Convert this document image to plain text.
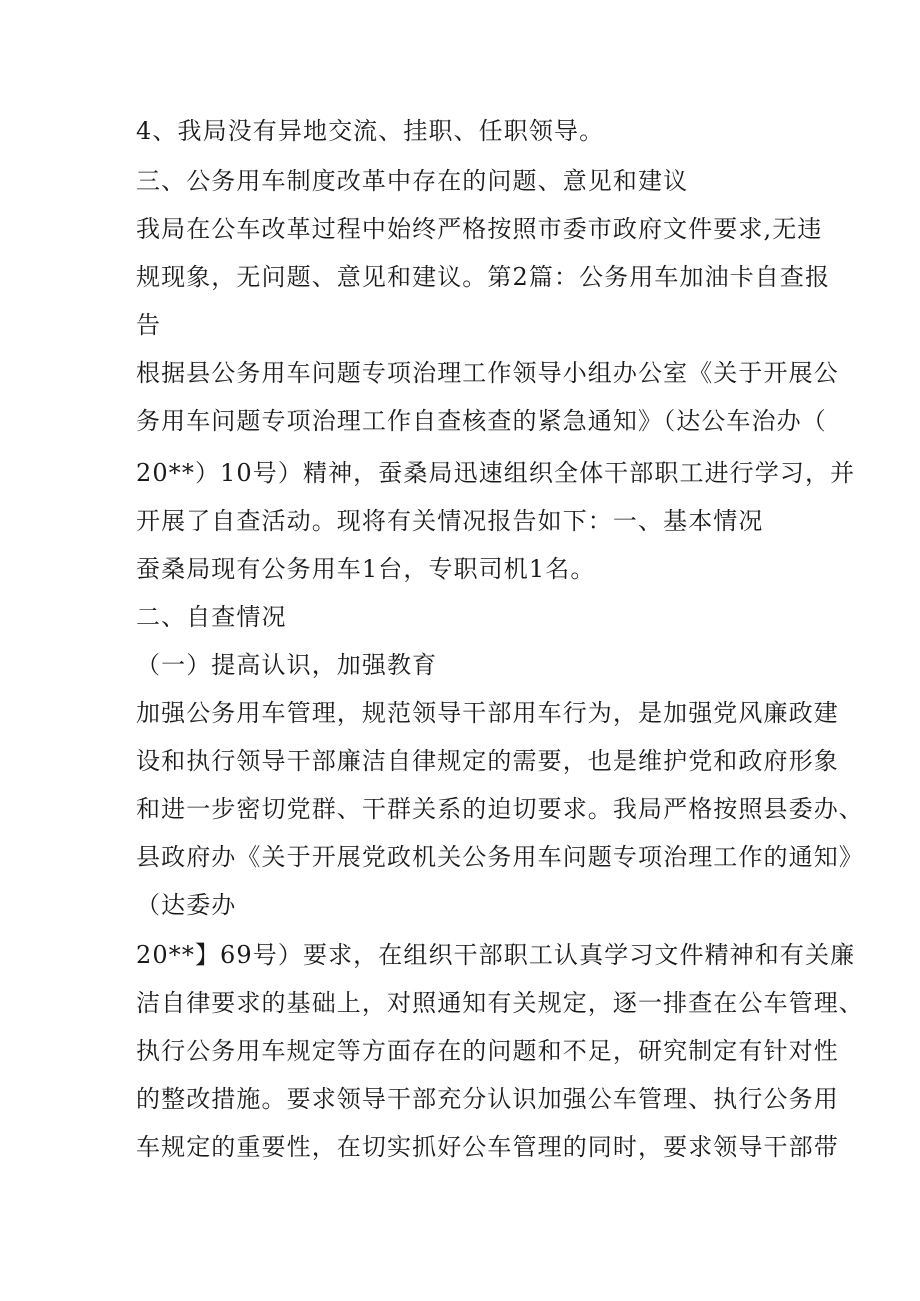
4、我局没有异地交流、挂职、任职领导。
三、公务用车制度改革中存在的问题、意见和建议
我局在公车改革过程中始终严格按照市委市政府文件要求,无违
规现象，无问题、意见和建议。第2篇：公务用车加油卡自查报
告
根据县公务用车问题专项治理工作领导小组办公室《关于开展公
务用车问题专项治理工作自查核查的紧急通知》（达公车治办（
20**）10号）精神，蚕桑局迅速组织全体干部职工进行学习，并
开展了自查活动。现将有关情况报告如下：一、基本情况
蚕桑局现有公务用车1台，专职司机1名。
二、自查情况
（一）提高认识，加强教育
加强公务用车管理，规范领导干部用车行为，是加强党风廉政建
设和执行领导干部廉洁自律规定的需要，也是维护党和政府形象
和进一步密切党群、干群关系的迫切要求。我局严格按照县委办、
县政府办《关于开展党政机关公务用车问题专项治理工作的通知》
（达委办
20**】69号）要求，在组织干部职工认真学习文件精神和有关廉
洁自律要求的基础上，对照通知有关规定，逐一排查在公车管理、
执行公务用车规定等方面存在的问题和不足，研究制定有针对性
的整改措施。要求领导干部充分认识加强公车管理、执行公务用
车规定的重要性，在切实抓好公车管理的同时，要求领导干部带
